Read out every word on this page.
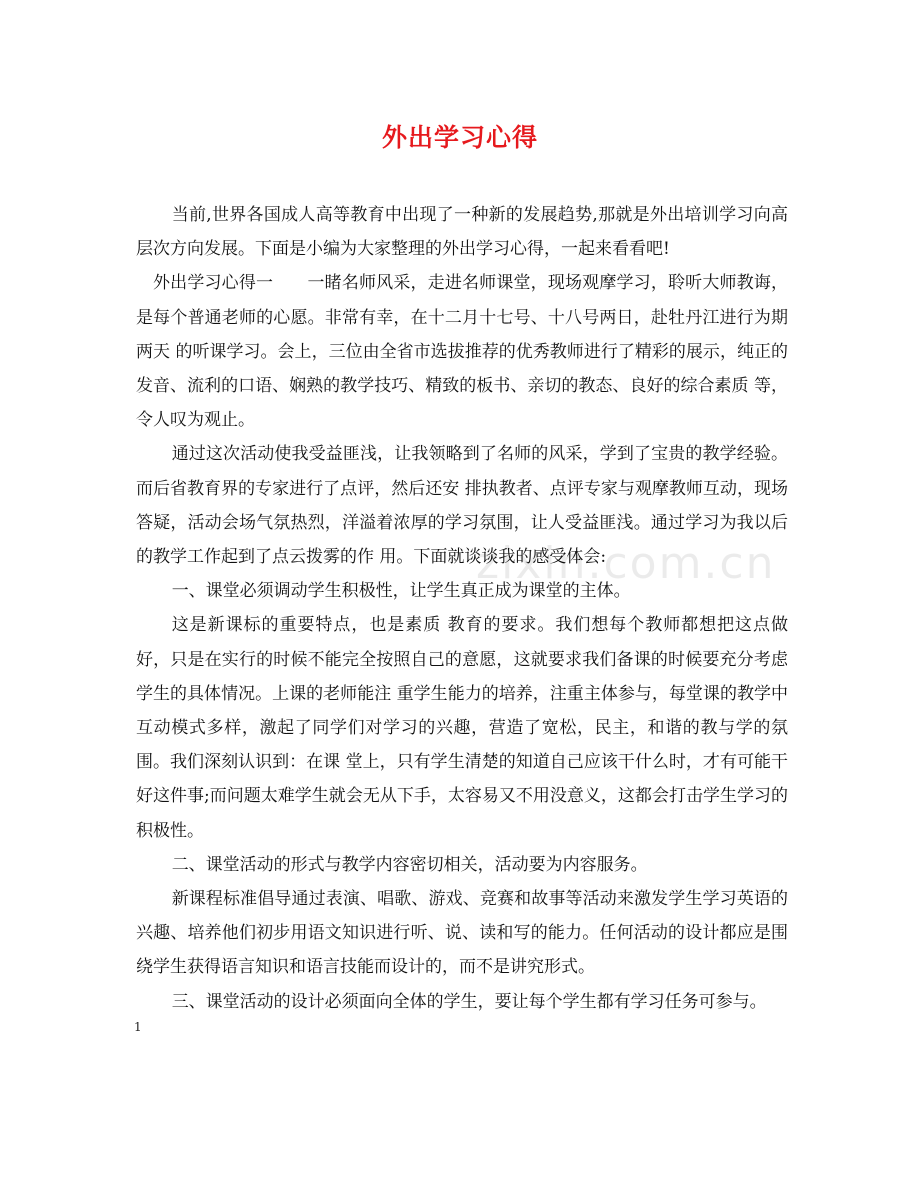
外出学习心得
zixin.com.cn

当前,世界各国成人高等教育中出现了一种新的发展趋势,那就是外出培训学习向高层次方向发展。下面是小编为大家整理的外出学习心得，一起来看看吧!

外出学习心得一　　一睹名师风采，走进名师课堂，现场观摩学习，聆听大师教诲，是每个普通老师的心愿。非常有幸，在十二月十七号、十八号两日，赴牡丹江进行为期两天 的听课学习。会上，三位由全省市选拔推荐的优秀教师进行了精彩的展示，纯正的发音、流利的口语、娴熟的教学技巧、精致的板书、亲切的教态、良好的综合素质 等，令人叹为观止。

通过这次活动使我受益匪浅，让我领略到了名师的风采，学到了宝贵的教学经验。而后省教育界的专家进行了点评，然后还安 排执教者、点评专家与观摩教师互动，现场答疑，活动会场气氛热烈，洋溢着浓厚的学习氛围，让人受益匪浅。通过学习为我以后的教学工作起到了点云拨雾的作 用。下面就谈谈我的感受体会:

一、课堂必须调动学生积极性，让学生真正成为课堂的主体。

这是新课标的重要特点，也是素质 教育的要求。我们想每个教师都想把这点做好，只是在实行的时候不能完全按照自己的意愿，这就要求我们备课的时候要充分考虑学生的具体情况。上课的老师能注 重学生能力的培养，注重主体参与，每堂课的教学中互动模式多样，激起了同学们对学习的兴趣，营造了宽松，民主，和谐的教与学的氛围。我们深刻认识到：在课 堂上，只有学生清楚的知道自己应该干什么时，才有可能干好这件事;而问题太难学生就会无从下手，太容易又不用没意义，这都会打击学生学习的积极性。

二、课堂活动的形式与教学内容密切相关，活动要为内容服务。

新课程标准倡导通过表演、唱歌、游戏、竞赛和故事等活动来激发学生学习英语的兴趣、培养他们初步用语文知识进行听、说、读和写的能力。任何活动的设计都应是围绕学生获得语言知识和语言技能而设计的，而不是讲究形式。

三、课堂活动的设计必须面向全体的学生，要让每个学生都有学习任务可参与。

1
